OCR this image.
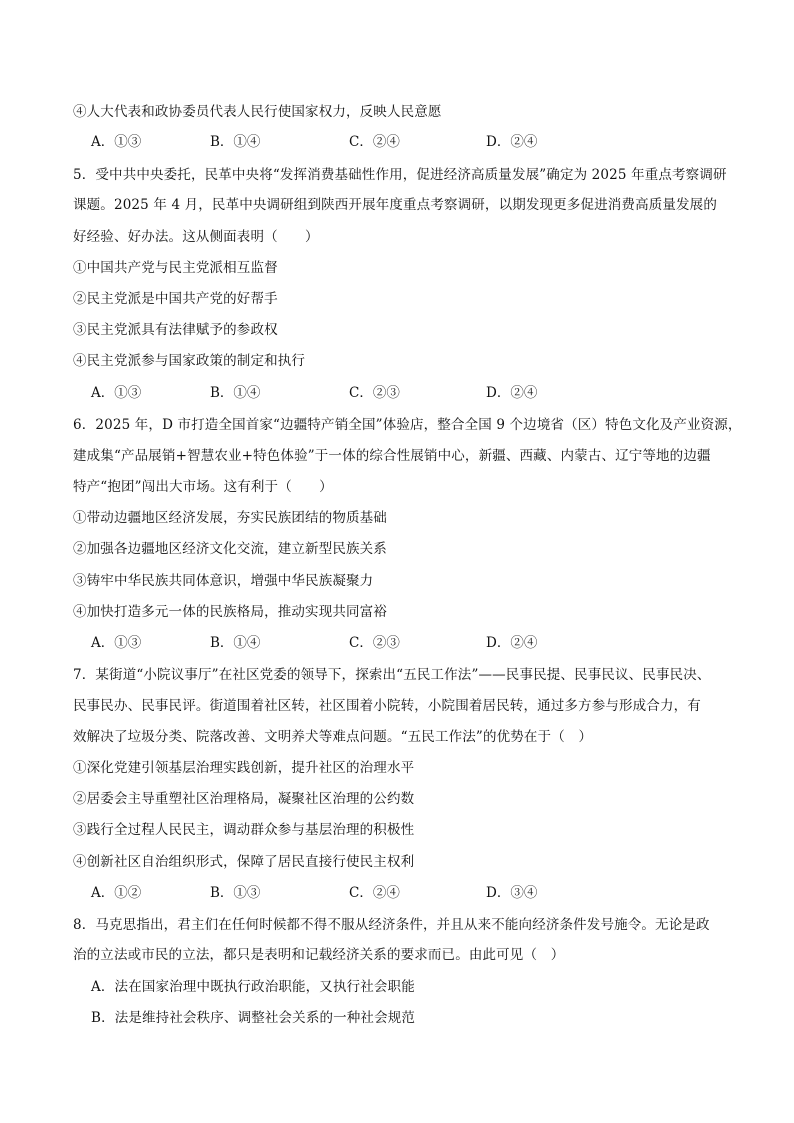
④人大代表和政协委员代表人民行使国家权力，反映人民意愿
A．①③	B．①④	C．②④	D．②④
5．受中共中央委托，民革中央将“发挥消费基础性作用，促进经济高质量发展”确定为 2025 年重点考察调研
课题。2025 年 4 月，民革中央调研组到陕西开展年度重点考察调研，以期发现更多促进消费高质量发展的
好经验、好办法。这从侧面表明（　　）
①中国共产党与民主党派相互监督
②民主党派是中国共产党的好帮手
③民主党派具有法律赋予的参政权
④民主党派参与国家政策的制定和执行
A．①③	B．①④	C．②③	D．②④
6．2025 年，D 市打造全国首家“边疆特产销全国”体验店，整合全国 9 个边境省（区）特色文化及产业资源，
建成集“产品展销+智慧农业+特色体验”于一体的综合性展销中心，新疆、西藏、内蒙古、辽宁等地的边疆
特产“抱团”闯出大市场。这有利于（　　）
①带动边疆地区经济发展，夯实民族团结的物质基础
②加强各边疆地区经济文化交流，建立新型民族关系
③铸牢中华民族共同体意识，增强中华民族凝聚力
④加快打造多元一体的民族格局，推动实现共同富裕
A．①③	B．①④	C．②③	D．②④
7．某街道“小院议事厅”在社区党委的领导下，探索出“五民工作法”——民事民提、民事民议、民事民决、
民事民办、民事民评。街道围着社区转，社区围着小院转，小院围着居民转，通过多方参与形成合力，有
效解决了垃圾分类、院落改善、文明养犬等难点问题。“五民工作法”的优势在于（　）
①深化党建引领基层治理实践创新，提升社区的治理水平
②居委会主导重塑社区治理格局，凝聚社区治理的公约数
③践行全过程人民民主，调动群众参与基层治理的积极性
④创新社区自治组织形式，保障了居民直接行使民主权利
A．①②	B．①③	C．②④	D．③④
8．马克思指出，君主们在任何时候都不得不服从经济条件，并且从来不能向经济条件发号施令。无论是政
治的立法或市民的立法，都只是表明和记载经济关系的要求而已。由此可见（　）
A．法在国家治理中既执行政治职能，又执行社会职能
B．法是维持社会秩序、调整社会关系的一种社会规范
